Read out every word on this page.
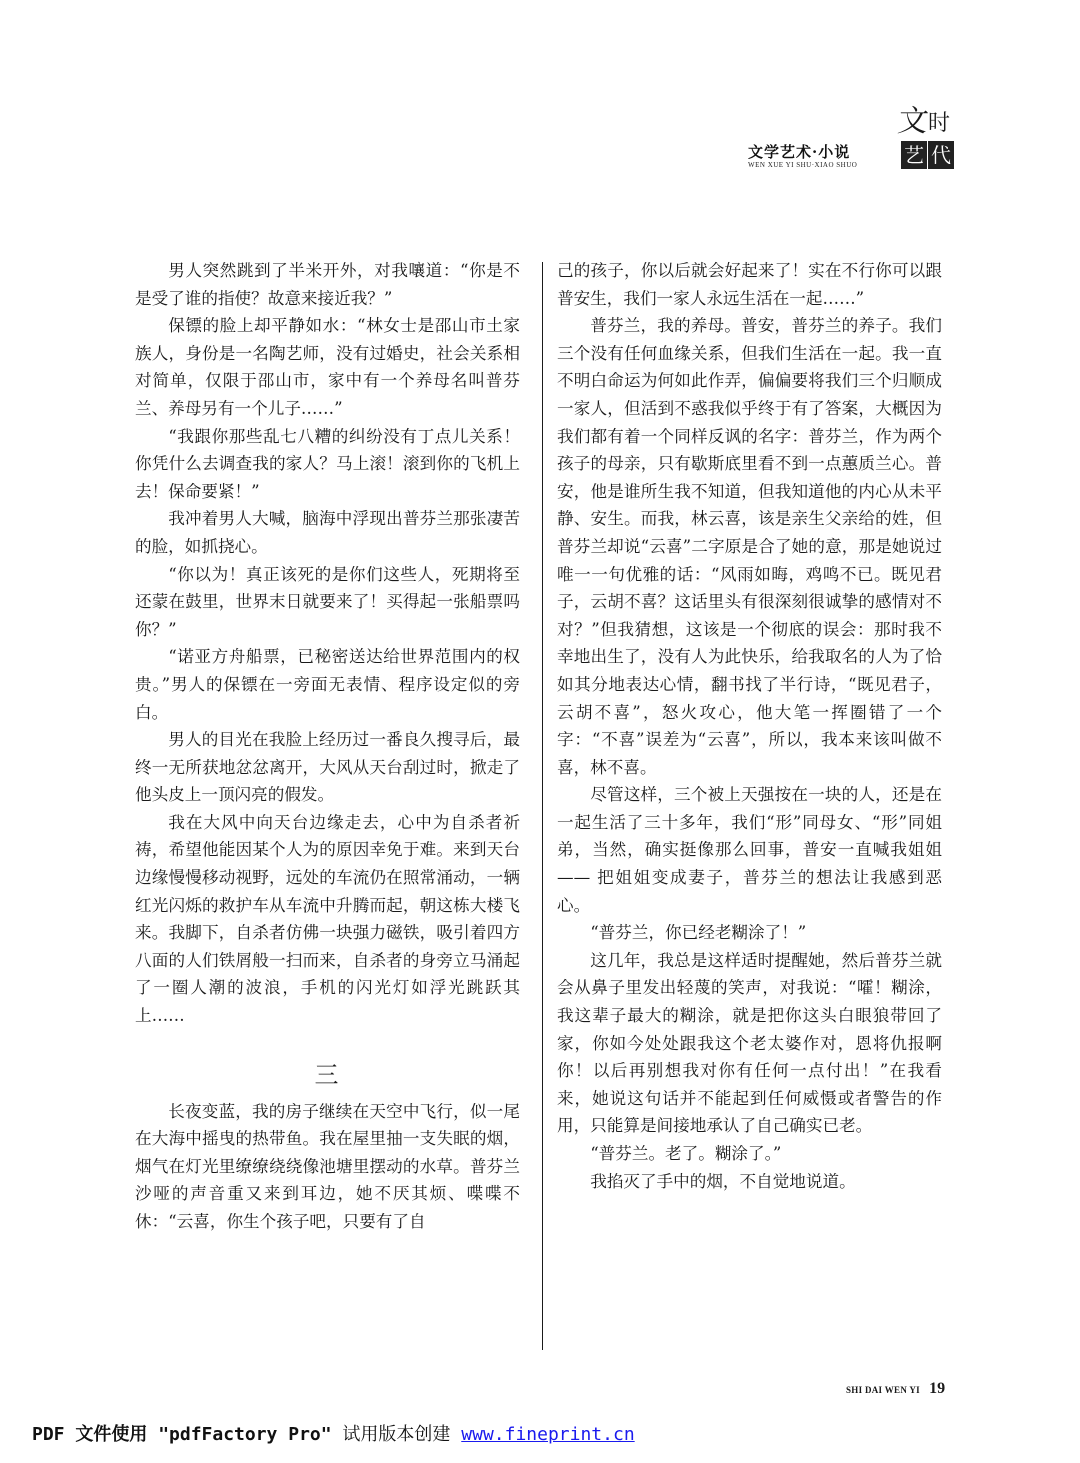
文学艺术·小说
WEN XUE YI SHU·XIAO SHUO
文
时
艺 代

男人突然跳到了半米开外，对我嚷道：“你是不是受了谁的指使？故意来接近我？”

保镖的脸上却平静如水：“林女士是邵山市土家族人，身份是一名陶艺师，没有过婚史，社会关系相对简单，仅限于邵山市，家中有一个养母名叫普芬兰、养母另有一个儿子……”

“我跟你那些乱七八糟的纠纷没有丁点儿关系！你凭什么去调查我的家人？马上滚！滚到你的飞机上去！保命要紧！”

我冲着男人大喊，脑海中浮现出普芬兰那张凄苦的脸，如抓挠心。

“你以为！真正该死的是你们这些人，死期将至还蒙在鼓里，世界末日就要来了！买得起一张船票吗你？”

“诺亚方舟船票，已秘密送达给世界范围内的权贵。”男人的保镖在一旁面无表情、程序设定似的旁白。

男人的目光在我脸上经历过一番良久搜寻后，最终一无所获地忿忿离开，大风从天台刮过时，掀走了他头皮上一顶闪亮的假发。

我在大风中向天台边缘走去，心中为自杀者祈祷，希望他能因某个人为的原因幸免于难。来到天台边缘慢慢移动视野，远处的车流仍在照常涌动，一辆红光闪烁的救护车从车流中升腾而起，朝这栋大楼飞来。我脚下，自杀者仿佛一块强力磁铁，吸引着四方八面的人们铁屑般一扫而来，自杀者的身旁立马涌起了一圈人潮的波浪，手机的闪光灯如浮光跳跃其上……

三

长夜变蓝，我的房子继续在天空中飞行，似一尾在大海中摇曳的热带鱼。我在屋里抽一支失眠的烟，烟气在灯光里缭缭绕绕像池塘里摆动的水草。普芬兰沙哑的声音重又来到耳边，她不厌其烦、喋喋不休：“云喜，你生个孩子吧，只要有了自

己的孩子，你以后就会好起来了！实在不行你可以跟普安生，我们一家人永远生活在一起……”

普芬兰，我的养母。普安，普芬兰的养子。我们三个没有任何血缘关系，但我们生活在一起。我一直不明白命运为何如此作弄，偏偏要将我们三个归顺成一家人，但活到不惑我似乎终于有了答案，大概因为我们都有着一个同样反讽的名字：普芬兰，作为两个孩子的母亲，只有歇斯底里看不到一点蕙质兰心。普安，他是谁所生我不知道，但我知道他的内心从未平静、安生。而我，林云喜，该是亲生父亲给的姓，但普芬兰却说“云喜”二字原是合了她的意，那是她说过唯一一句优雅的话：“风雨如晦，鸡鸣不已。既见君子，云胡不喜？这话里头有很深刻很诚挚的感情对不对？”但我猜想，这该是一个彻底的误会：那时我不幸地出生了，没有人为此快乐，给我取名的人为了恰如其分地表达心情，翻书找了半行诗，“既见君子，云胡不喜”，怒火攻心，他大笔一挥圈错了一个字：“不喜”误差为“云喜”，所以，我本来该叫做不喜，林不喜。

尽管这样，三个被上天强按在一块的人，还是在一起生活了三十多年，我们“形”同母女、“形”同姐弟，当然，确实挺像那么回事，普安一直喊我姐姐—— 把姐姐变成妻子，普芬兰的想法让我感到恶心。

“普芬兰，你已经老糊涂了！”

这几年，我总是这样适时提醒她，然后普芬兰就会从鼻子里发出轻蔑的笑声，对我说：“嚯！糊涂，我这辈子最大的糊涂，就是把你这头白眼狼带回了家，你如今处处跟我这个老太婆作对，恩将仇报啊你！以后再别想我对你有任何一点付出！”在我看来，她说这句话并不能起到任何威慑或者警告的作用，只能算是间接地承认了自己确实已老。

“普芬兰。老了。糊涂了。”

我掐灭了手中的烟，不自觉地说道。

SHI DAI WEN YI 19
PDF 文件使用 "pdfFactory Pro" 试用版本创建 www.fineprint.cn
